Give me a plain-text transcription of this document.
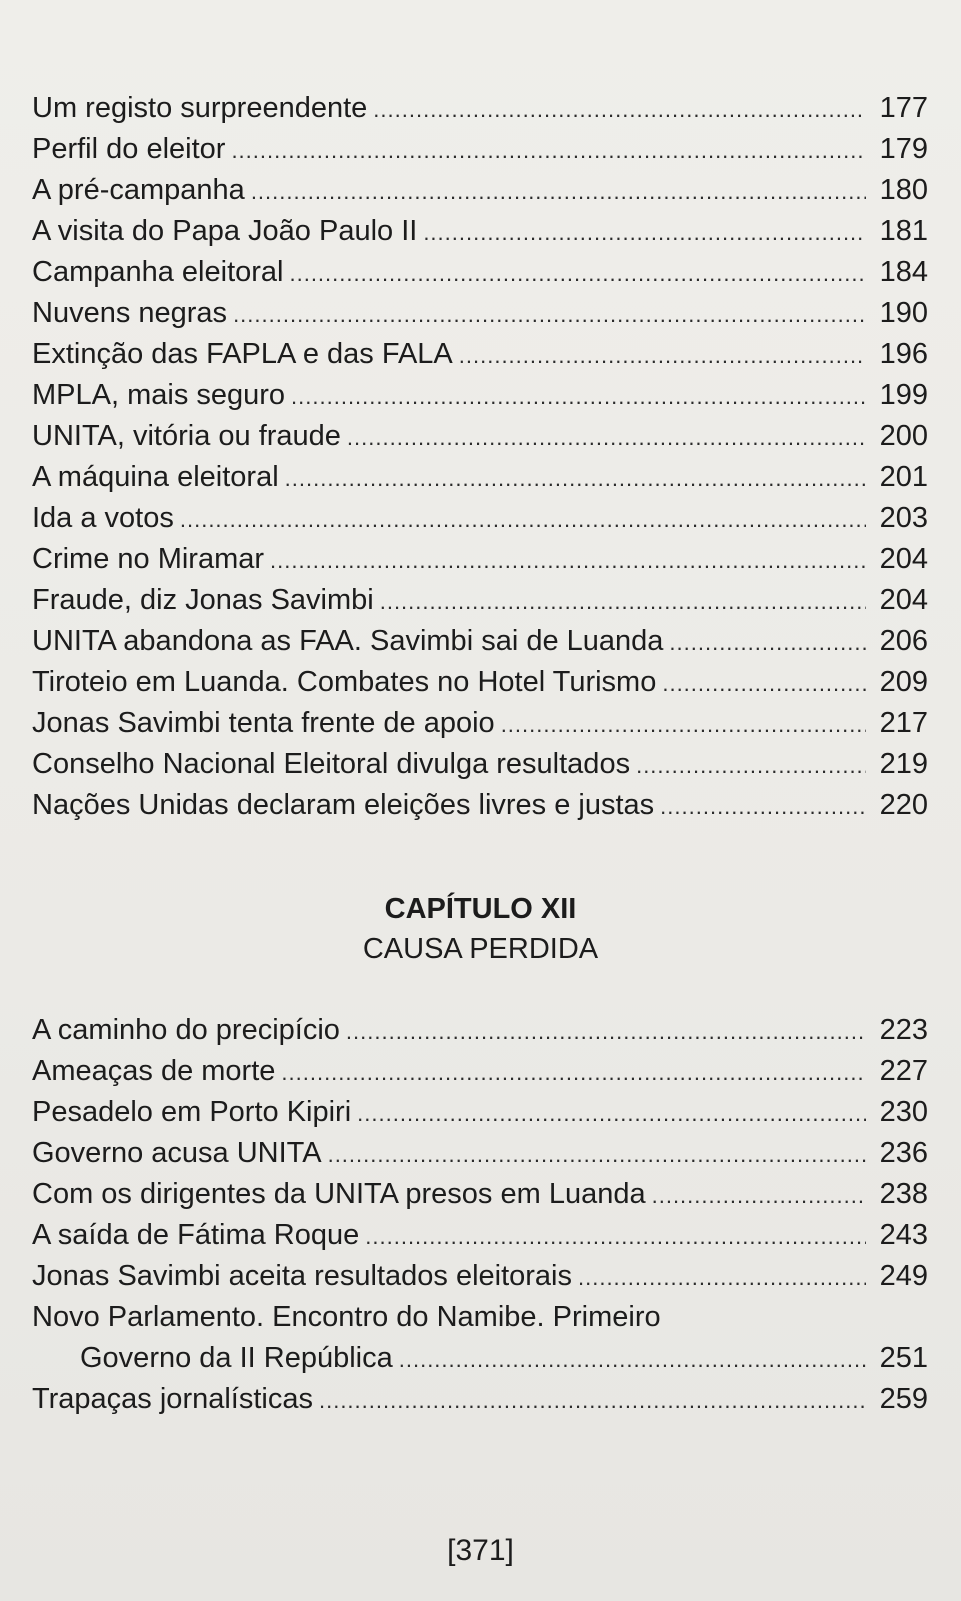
Um registo surpreendente .....	177
Perfil do eleitor .....	179
A pré-campanha .....	180
A visita do Papa João Paulo II .....	181
Campanha eleitoral .....	184
Nuvens negras .....	190
Extinção das FAPLA e das FALA .....	196
MPLA, mais seguro .....	199
UNITA, vitória ou fraude .....	200
A máquina eleitoral .....	201
Ida a votos .....	203
Crime no Miramar .....	204
Fraude, diz Jonas Savimbi .....	204
UNITA abandona as FAA. Savimbi sai de Luanda .....	206
Tiroteio em Luanda. Combates no Hotel Turismo .....	209
Jonas Savimbi tenta frente de apoio .....	217
Conselho Nacional Eleitoral divulga resultados .....	219
Nações Unidas declaram eleições livres e justas .....	220
CAPÍTULO XII
CAUSA PERDIDA
A caminho do precipício .....	223
Ameaças de morte .....	227
Pesadelo em Porto Kipiri .....	230
Governo acusa UNITA .....	236
Com os dirigentes da UNITA presos em Luanda .....	238
A saída de Fátima Roque .....	243
Jonas Savimbi aceita resultados eleitorais .....	249
Novo Parlamento. Encontro do Namibe. Primeiro
Governo da II República .....	251
Trapaças jornalísticas .....	259
[371]
